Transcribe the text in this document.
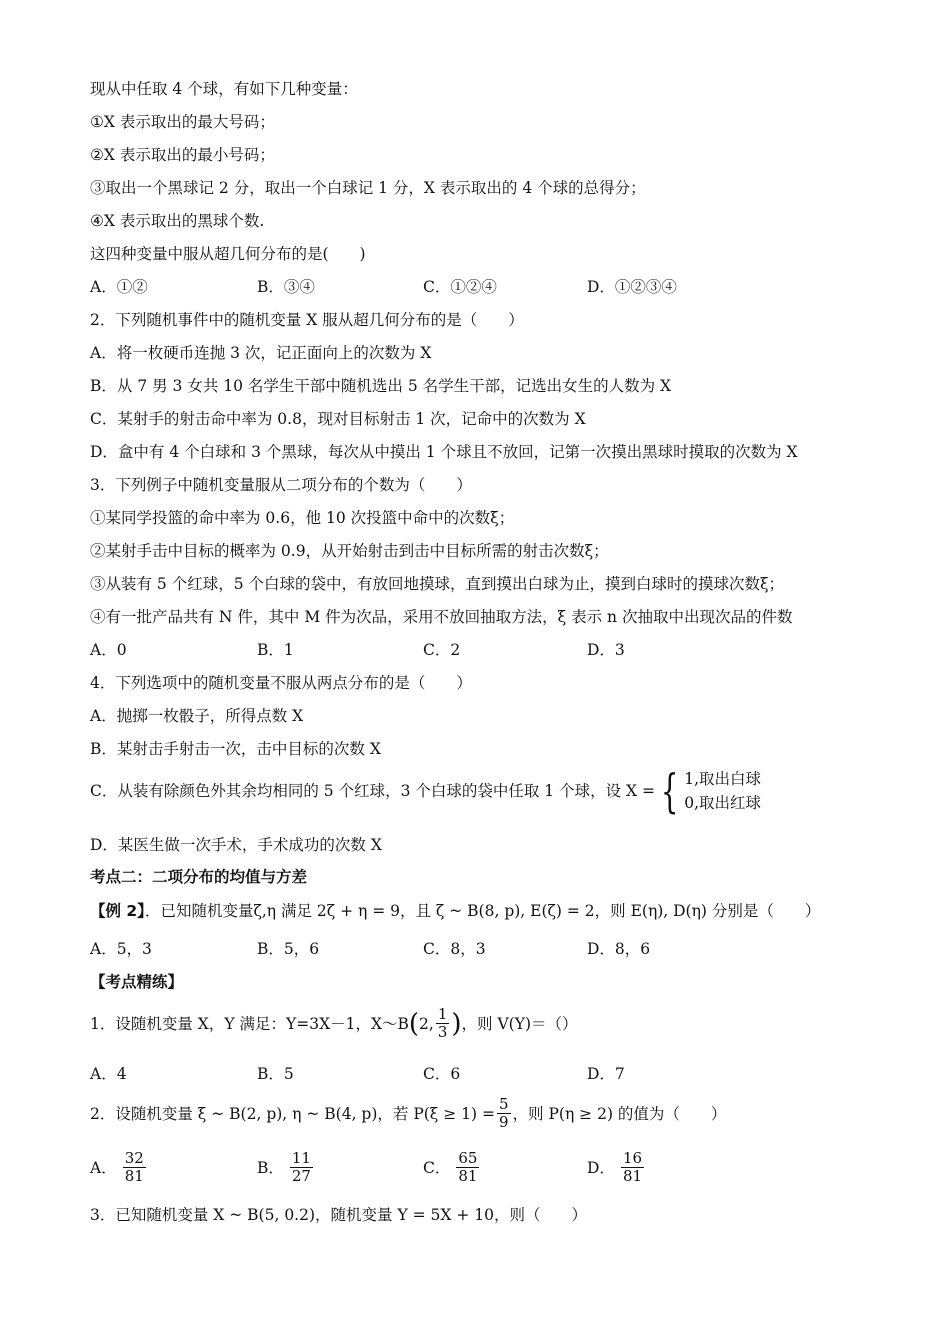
现从中任取 4 个球，有如下几种变量：
①X 表示取出的最大号码；
②X 表示取出的最小号码；
③取出一个黑球记 2 分，取出一个白球记 1 分，X 表示取出的 4 个球的总得分；
④X 表示取出的黑球个数.
这四种变量中服从超几何分布的是(　　)
A．①②	B．③④	C．①②④	D．①②③④
2．下列随机事件中的随机变量 X 服从超几何分布的是（　　）
A．将一枚硬币连抛 3 次，记正面向上的次数为 X
B．从 7 男 3 女共 10 名学生干部中随机选出 5 名学生干部，记选出女生的人数为 X
C．某射手的射击命中率为 0.8，现对目标射击 1 次，记命中的次数为 X
D．盒中有 4 个白球和 3 个黑球，每次从中摸出 1 个球且不放回，记第一次摸出黑球时摸取的次数为 X
3．下列例子中随机变量服从二项分布的个数为（　　）
①某同学投篮的命中率为 0.6，他 10 次投篮中命中的次数ξ；
②某射手击中目标的概率为 0.9，从开始射击到击中目标所需的射击次数ξ；
③从装有 5 个红球，5 个白球的袋中，有放回地摸球，直到摸出白球为止，摸到白球时的摸球次数ξ；
④有一批产品共有 N 件，其中 M 件为次品，采用不放回抽取方法，ξ 表示 n 次抽取中出现次品的件数
A．0	B．1	C．2	D．3
4．下列选项中的随机变量不服从两点分布的是（　　）
A．抛掷一枚骰子，所得点数 X
B．某射击手射击一次，击中目标的次数 X
C．从装有除颜色外其余均相同的 5 个红球，3 个白球的袋中任取 1 个球，设 X = { 1,取出白球
0,取出红球
D．某医生做一次手术，手术成功的次数 X
考点二：二项分布的均值与方差
【例 2】．已知随机变量ζ,η 满足 2ζ + η = 9，且 ζ ~ B(8, p), E(ζ) = 2，则 E(η), D(η) 分别是（　　）
A．5，3	B．5，6	C．8，3	D．8，6
【考点精练】
1．设随机变量 X，Y 满足：Y=3X－1，X～B ( 2, $\frac{1}{3}$ ) ，则 V(Y)＝（）
A．4	B．5	C．6	D．7
2．设随机变量 ξ ~ B(2, p), η ~ B(4, p)，若 $P(\xi \ge 1) = \frac{5}{9}$ ，则 P(η ≥ 2) 的值为（　　）
A． $\frac{32}{81}$	B． $\frac{11}{27}$	C． $\frac{65}{81}$	D． $\frac{16}{81}$
3．已知随机变量 X ~ B(5, 0.2)，随机变量 Y = 5X + 10，则（　　）
